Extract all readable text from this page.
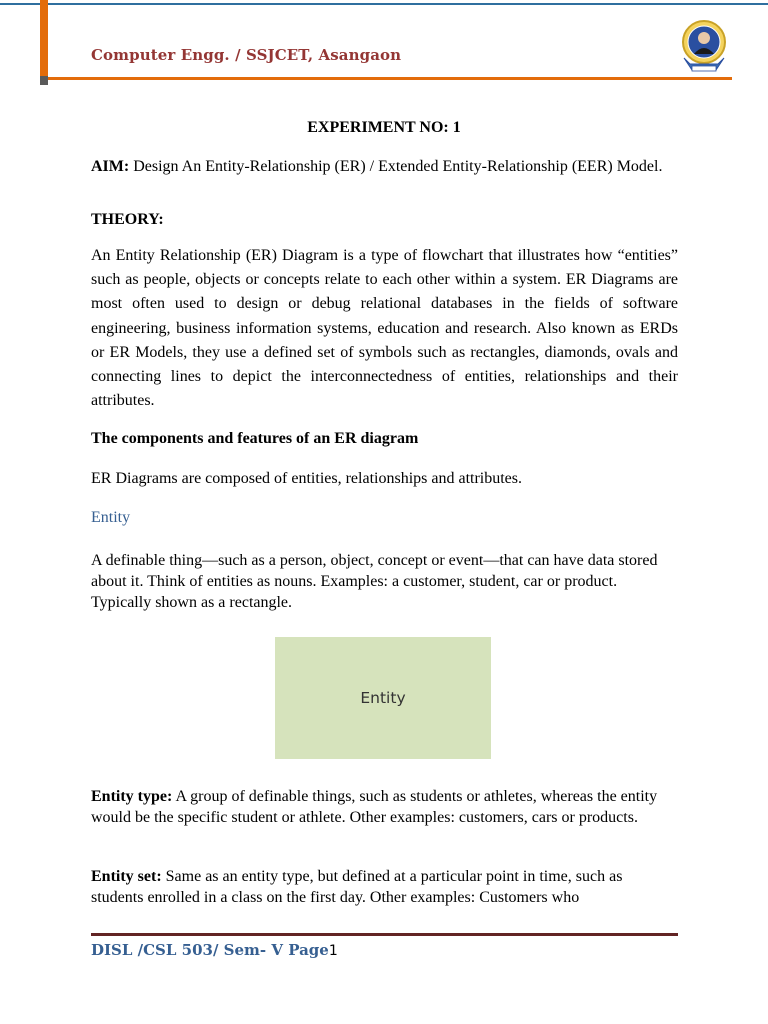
Computer Engg. / SSJCET, Asangaon

EXPERIMENT NO: 1

AIM: Design An Entity-Relationship (ER) / Extended Entity-Relationship (EER) Model.

THEORY:

An Entity Relationship (ER) Diagram is a type of flowchart that illustrates how “entities” such as people, objects or concepts relate to each other within a system. ER Diagrams are most often used to design or debug relational databases in the fields of software engineering, business information systems, education and research. Also known as ERDs or ER Models, they use a defined set of symbols such as rectangles, diamonds, ovals and connecting lines to depict the interconnectedness of entities, relationships and their attributes.

The components and features of an ER diagram

ER Diagrams are composed of entities, relationships and attributes.

Entity

A definable thing—such as a person, object, concept or event—that can have data stored about it. Think of entities as nouns. Examples: a customer, student, car or product. Typically shown as a rectangle.

Entity

Entity type: A group of definable things, such as students or athletes, whereas the entity would be the specific student or athlete. Other examples: customers, cars or products.

Entity set: Same as an entity type, but defined at a particular point in time, such as students enrolled in a class on the first day. Other examples: Customers who

DISL /CSL 503/ Sem- V Page1
